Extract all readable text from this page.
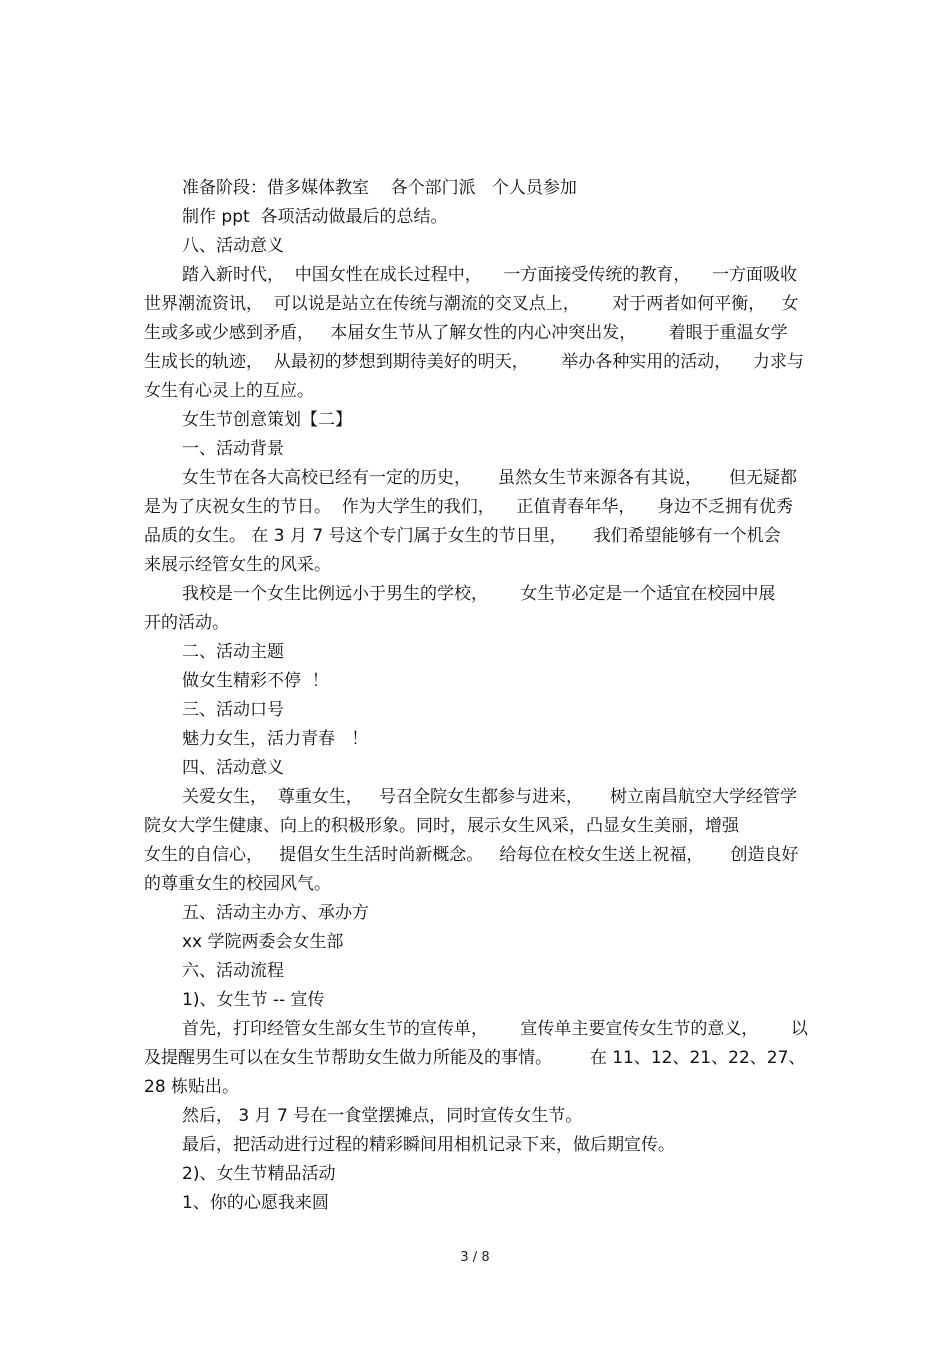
准备阶段：借多媒体教室    各个部门派   个人员参加
制作 ppt  各项活动做最后的总结。
八、活动意义
踏入新时代，  中国女性在成长过程中，    一方面接受传统的教育，    一方面吸收
世界潮流资讯，  可以说是站立在传统与潮流的交叉点上，      对于两者如何平衡，   女
生或多或少感到矛盾，   本届女生节从了解女性的内心冲突出发，      着眼于重温女学
生成长的轨迹，  从最初的梦想到期待美好的明天，      举办各种实用的活动，    力求与
女生有心灵上的互应。
女生节创意策划【二】
一、活动背景
女生节在各大高校已经有一定的历史，     虽然女生节来源各有其说，     但无疑都
是为了庆祝女生的节日。  作为大学生的我们，    正值青春年华，    身边不乏拥有优秀
品质的女生。 在 3 月 7 号这个专门属于女生的节日里，     我们希望能够有一个机会
来展示经管女生的风采。
我校是一个女生比例远小于男生的学校，      女生节必定是一个适宜在校园中展
开的活动。
二、活动主题
做女生精彩不停  ！
三、活动口号
魅力女生，活力青春   ！
四、活动意义
关爱女生，  尊重女生，   号召全院女生都参与进来，     树立南昌航空大学经管学
院女大学生健康、向上的积极形象。同时，展示女生风采，凸显女生美丽，增强
女生的自信心，   提倡女生生活时尚新概念。   给每位在校女生送上祝福，     创造良好
的尊重女生的校园风气。
五、活动主办方、承办方
xx 学院两委会女生部
六、活动流程
1)、女生节 -- 宣传
首先，打印经管女生部女生节的宣传单，      宣传单主要宣传女生节的意义，      以
及提醒男生可以在女生节帮助女生做力所能及的事情。       在 11、12、21、22、27、
28 栋贴出。
然后， 3 月 7 号在一食堂摆摊点，同时宣传女生节。
最后，把活动进行过程的精彩瞬间用相机记录下来，做后期宣传。
2)、女生节精品活动
1、你的心愿我来圆
3 / 8
